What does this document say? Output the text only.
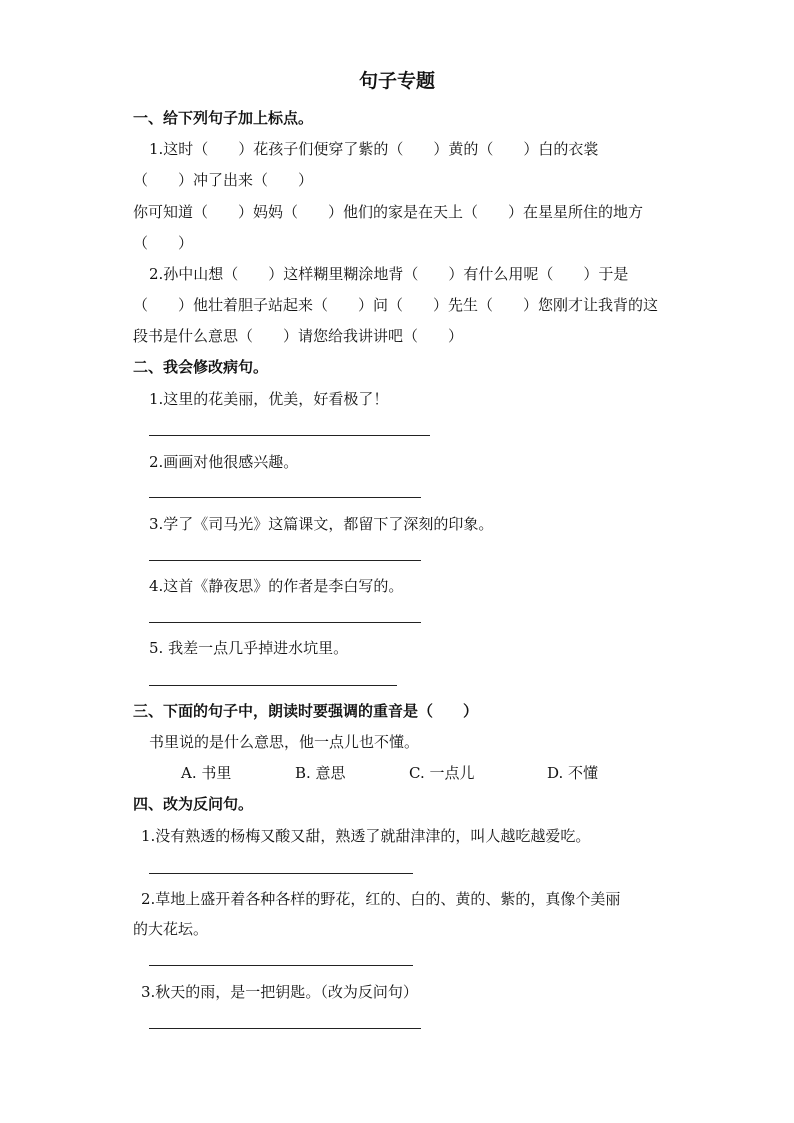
句子专题
一、给下列句子加上标点。
1.这时（　　）花孩子们便穿了紫的（　　）黄的（　　）白的衣裳
（　　）冲了出来（　　）
你可知道（　　）妈妈（　　）他们的家是在天上（　　）在星星所住的地方
（　　）
2.孙中山想（　　）这样糊里糊涂地背（　　）有什么用呢（　　）于是
（　　）他壮着胆子站起来（　　）问（　　）先生（　　）您刚才让我背的这
段书是什么意思（　　）请您给我讲讲吧（　　）
二、我会修改病句。
1.这里的花美丽，优美，好看极了！
2.画画对他很感兴趣。
3.学了《司马光》这篇课文，都留下了深刻的印象。
4.这首《静夜思》的作者是李白写的。
5. 我差一点几乎掉进水坑里。
三、下面的句子中，朗读时要强调的重音是（　　）
书里说的是什么意思，他一点儿也不懂。
A. 书里	B. 意思	C. 一点儿	D. 不懂
四、改为反问句。
1.没有熟透的杨梅又酸又甜，熟透了就甜津津的，叫人越吃越爱吃。
2.草地上盛开着各种各样的野花，红的、白的、黄的、紫的，真像个美丽
的大花坛。
3.秋天的雨，是一把钥匙。（改为反问句）
